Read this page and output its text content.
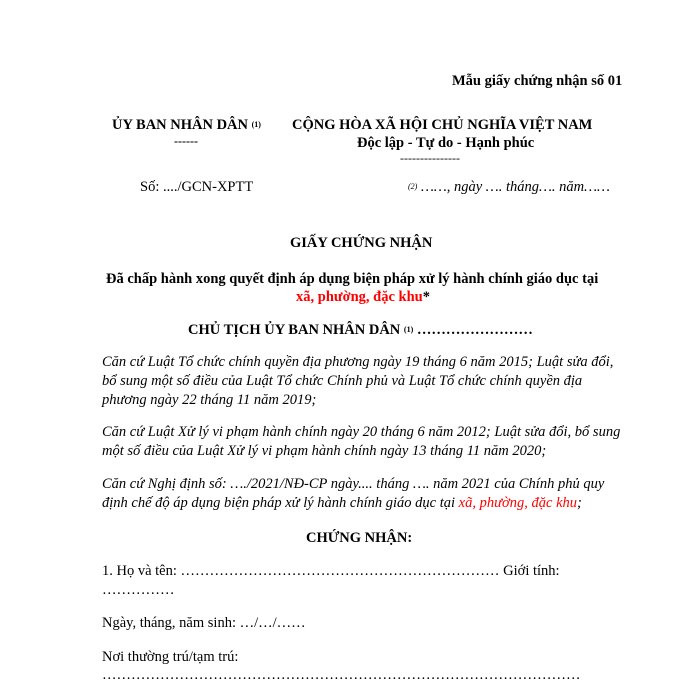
Mẫu giấy chứng nhận số 01
ỦY BAN NHÂN DÂN $^{(1)}$
------
Số: ..../GCN-XPTT
CỘNG HÒA XÃ HỘI CHỦ NGHĨA VIỆT NAM
Độc lập - Tự do - Hạnh phúc
---------------
$^{(2)}$ ……, ngày …. tháng…. năm……
GIẤY CHỨNG NHẬN
Đã chấp hành xong quyết định áp dụng biện pháp xử lý hành chính giáo dục tại
xã, phường, đặc khu*
CHỦ TỊCH ỦY BAN NHÂN DÂN $^{(1)}$ ……………………
Căn cứ Luật Tổ chức chính quyền địa phương ngày 19 tháng 6 năm 2015; Luật sửa đổi, bổ sung một số điều của Luật Tổ chức Chính phủ và Luật Tổ chức chính quyền địa phương ngày 22 tháng 11 năm 2019;
Căn cứ Luật Xử lý vi phạm hành chính ngày 20 tháng 6 năm 2012; Luật sửa đổi, bổ sung một số điều của Luật Xử lý vi phạm hành chính ngày 13 tháng 11 năm 2020;
Căn cứ Nghị định số: …./2021/NĐ-CP ngày.... tháng …. năm 2021 của Chính phủ quy định chế độ áp dụng biện pháp xử lý hành chính giáo dục tại xã, phường, đặc khu;
CHỨNG NHẬN:
1. Họ và tên: ………………………………………………………… Giới tính:
……………
Ngày, tháng, năm sinh: …/…/……
Nơi thường trú/tạm trú:
………………………………………………………………………………………
